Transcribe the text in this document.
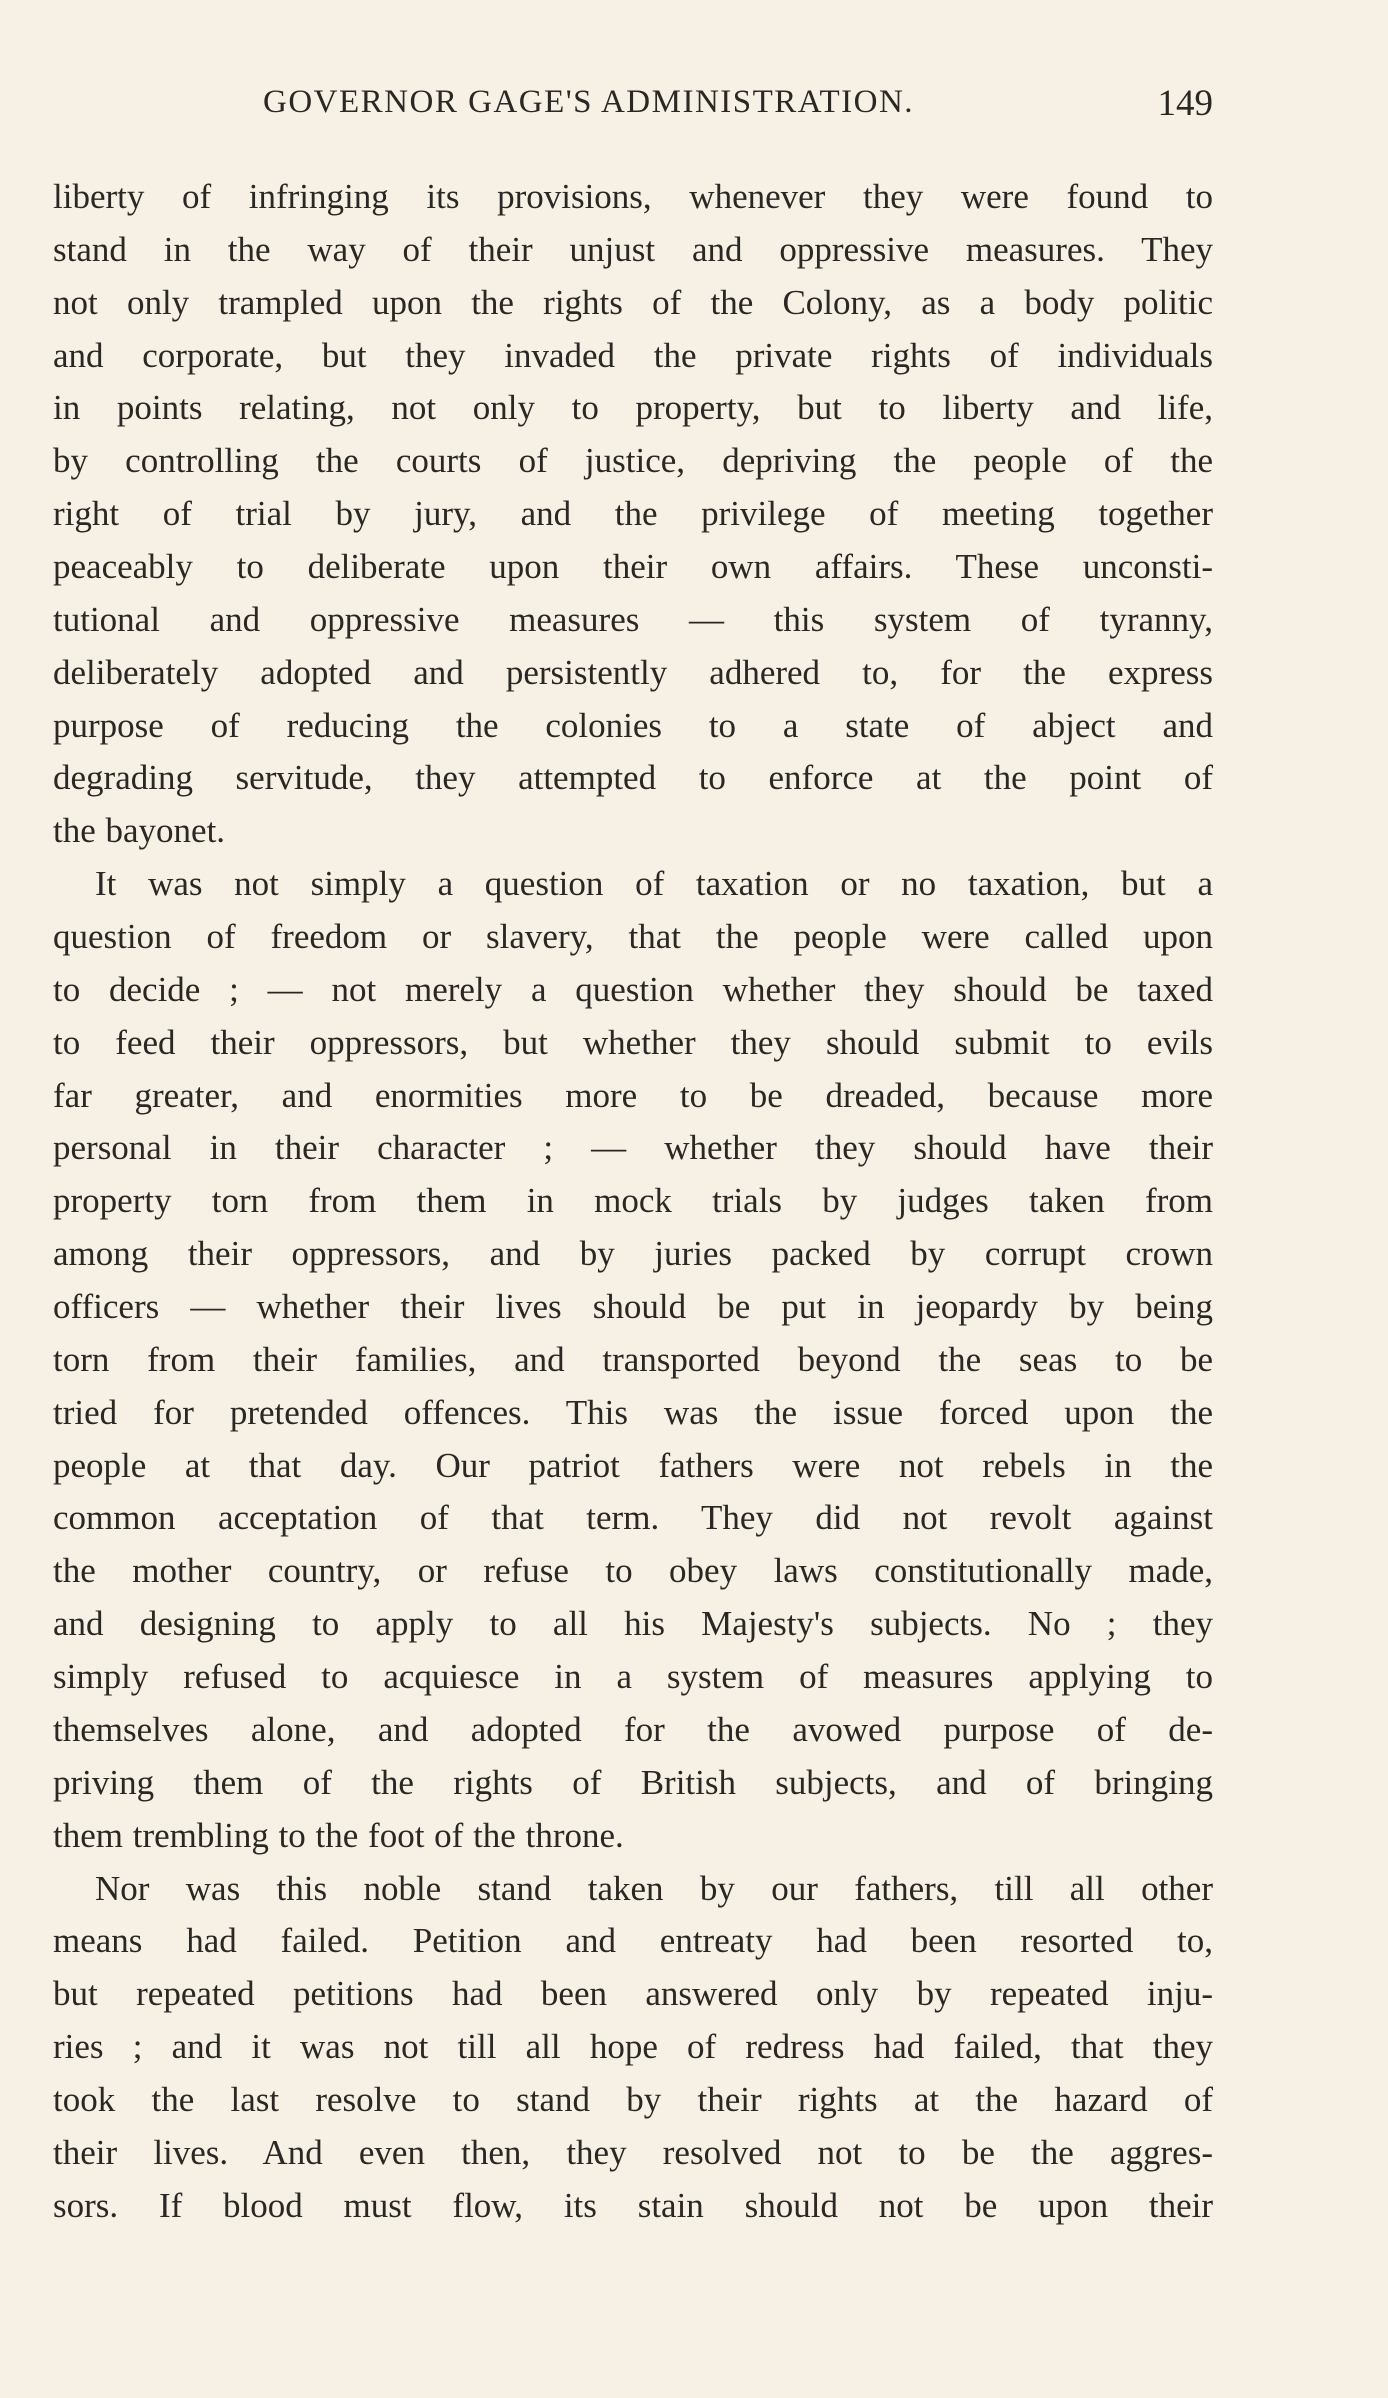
GOVERNOR GAGE'S ADMINISTRATION.	149
liberty of infringing its provisions, whenever they were found to
stand in the way of their unjust and oppressive measures. They
not only trampled upon the rights of the Colony, as a body politic
and corporate, but they invaded the private rights of individuals
in points relating, not only to property, but to liberty and life,
by controlling the courts of justice, depriving the people of the
right of trial by jury, and the privilege of meeting together
peaceably to deliberate upon their own affairs. These unconsti-
tutional and oppressive measures — this system of tyranny,
deliberately adopted and persistently adhered to, for the express
purpose of reducing the colonies to a state of abject and
degrading servitude, they attempted to enforce at the point of
the bayonet.
It was not simply a question of taxation or no taxation, but a
question of freedom or slavery, that the people were called upon
to decide ; — not merely a question whether they should be taxed
to feed their oppressors, but whether they should submit to evils
far greater, and enormities more to be dreaded, because more
personal in their character ; — whether they should have their
property torn from them in mock trials by judges taken from
among their oppressors, and by juries packed by corrupt crown
officers — whether their lives should be put in jeopardy by being
torn from their families, and transported beyond the seas to be
tried for pretended offences. This was the issue forced upon the
people at that day. Our patriot fathers were not rebels in the
common acceptation of that term. They did not revolt against
the mother country, or refuse to obey laws constitutionally made,
and designing to apply to all his Majesty's subjects. No ; they
simply refused to acquiesce in a system of measures applying to
themselves alone, and adopted for the avowed purpose of de-
priving them of the rights of British subjects, and of bringing
them trembling to the foot of the throne.
Nor was this noble stand taken by our fathers, till all other
means had failed. Petition and entreaty had been resorted to,
but repeated petitions had been answered only by repeated inju-
ries ; and it was not till all hope of redress had failed, that they
took the last resolve to stand by their rights at the hazard of
their lives. And even then, they resolved not to be the aggres-
sors. If blood must flow, its stain should not be upon their
